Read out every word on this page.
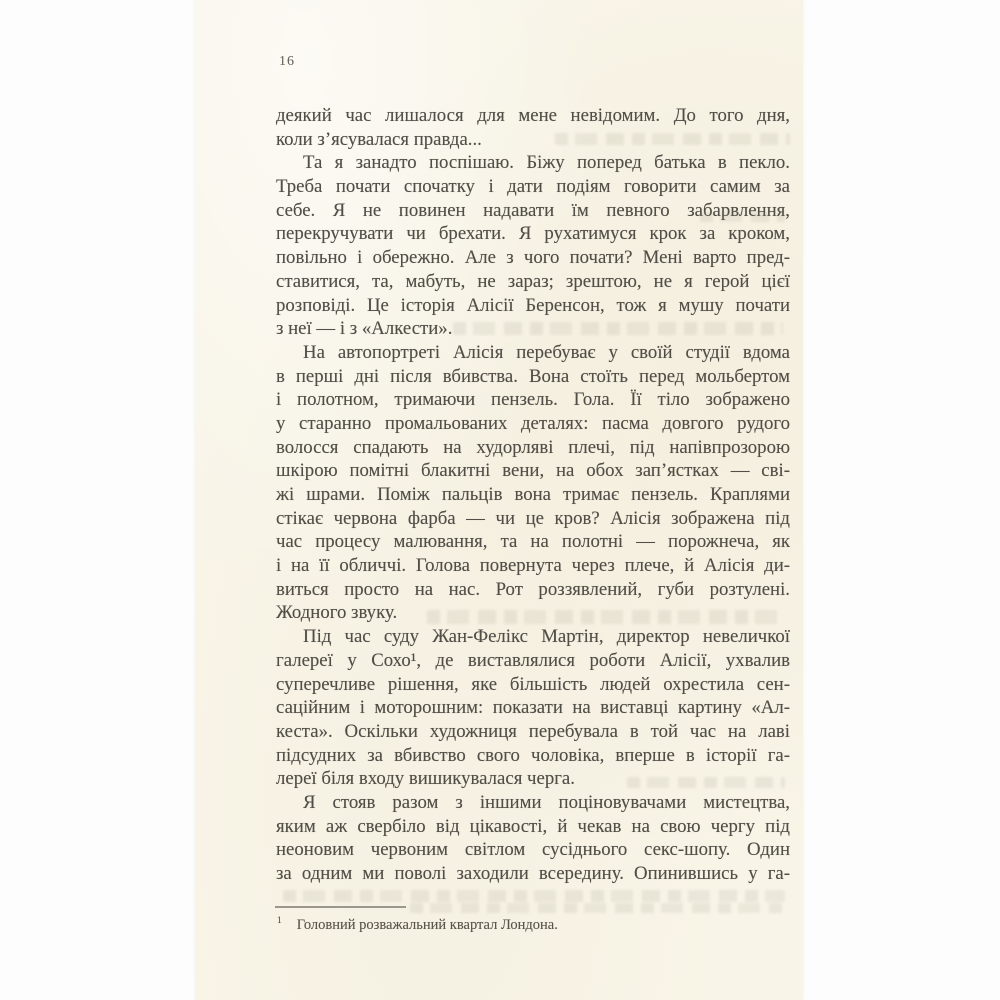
16
деякий час лишалося для мене невідомим. До того дня,
коли з’ясувалася правда...
Та я занадто поспішаю. Біжу поперед батька в пекло.
Треба почати спочатку і дати подіям говорити самим за
себе. Я не повинен надавати їм певного забарвлення,
перекручувати чи брехати. Я рухатимуся крок за кроком,
повільно і обережно. Але з чого почати? Мені варто пред-
ставитися, та, мабуть, не зараз; зрештою, не я герой цієї
розповіді. Це історія Алісії Беренсон, тож я мушу почати
з неї — і з «Алкести».
На автопортреті Алісія перебуває у своїй студії вдома
в перші дні після вбивства. Вона стоїть перед мольбертом
і полотном, тримаючи пензель. Гола. Її тіло зображено
у старанно промальованих деталях: пасма довгого рудого
волосся спадають на худорляві плечі, під напівпрозорою
шкірою помітні блакитні вени, на обох зап’ястках — сві-
жі шрами. Поміж пальців вона тримає пензель. Краплями
стікає червона фарба — чи це кров? Алісія зображена під
час процесу малювання, та на полотні — порожнеча, як
і на її обличчі. Голова повернута через плече, й Алісія ди-
виться просто на нас. Рот роззявлений, губи розтулені.
Жодного звуку.
Під час суду Жан-Фелікс Мартін, директор невеличкої
галереї у Сохо¹, де виставлялися роботи Алісії, ухвалив
суперечливе рішення, яке більшість людей охрестила сен-
саційним і моторошним: показати на виставці картину «Ал-
кеста». Оскільки художниця перебувала в той час на лаві
підсудних за вбивство свого чоловіка, вперше в історії га-
лереї біля входу вишикувалася черга.
Я стояв разом з іншими поціновувачами мистецтва,
яким аж свербіло від цікавості, й чекав на свою чергу під
неоновим червоним світлом сусіднього секс-шопу. Один
за одним ми поволі заходили всередину. Опинившись у га-
$^1$ Головний розважальний квартал Лондона.
